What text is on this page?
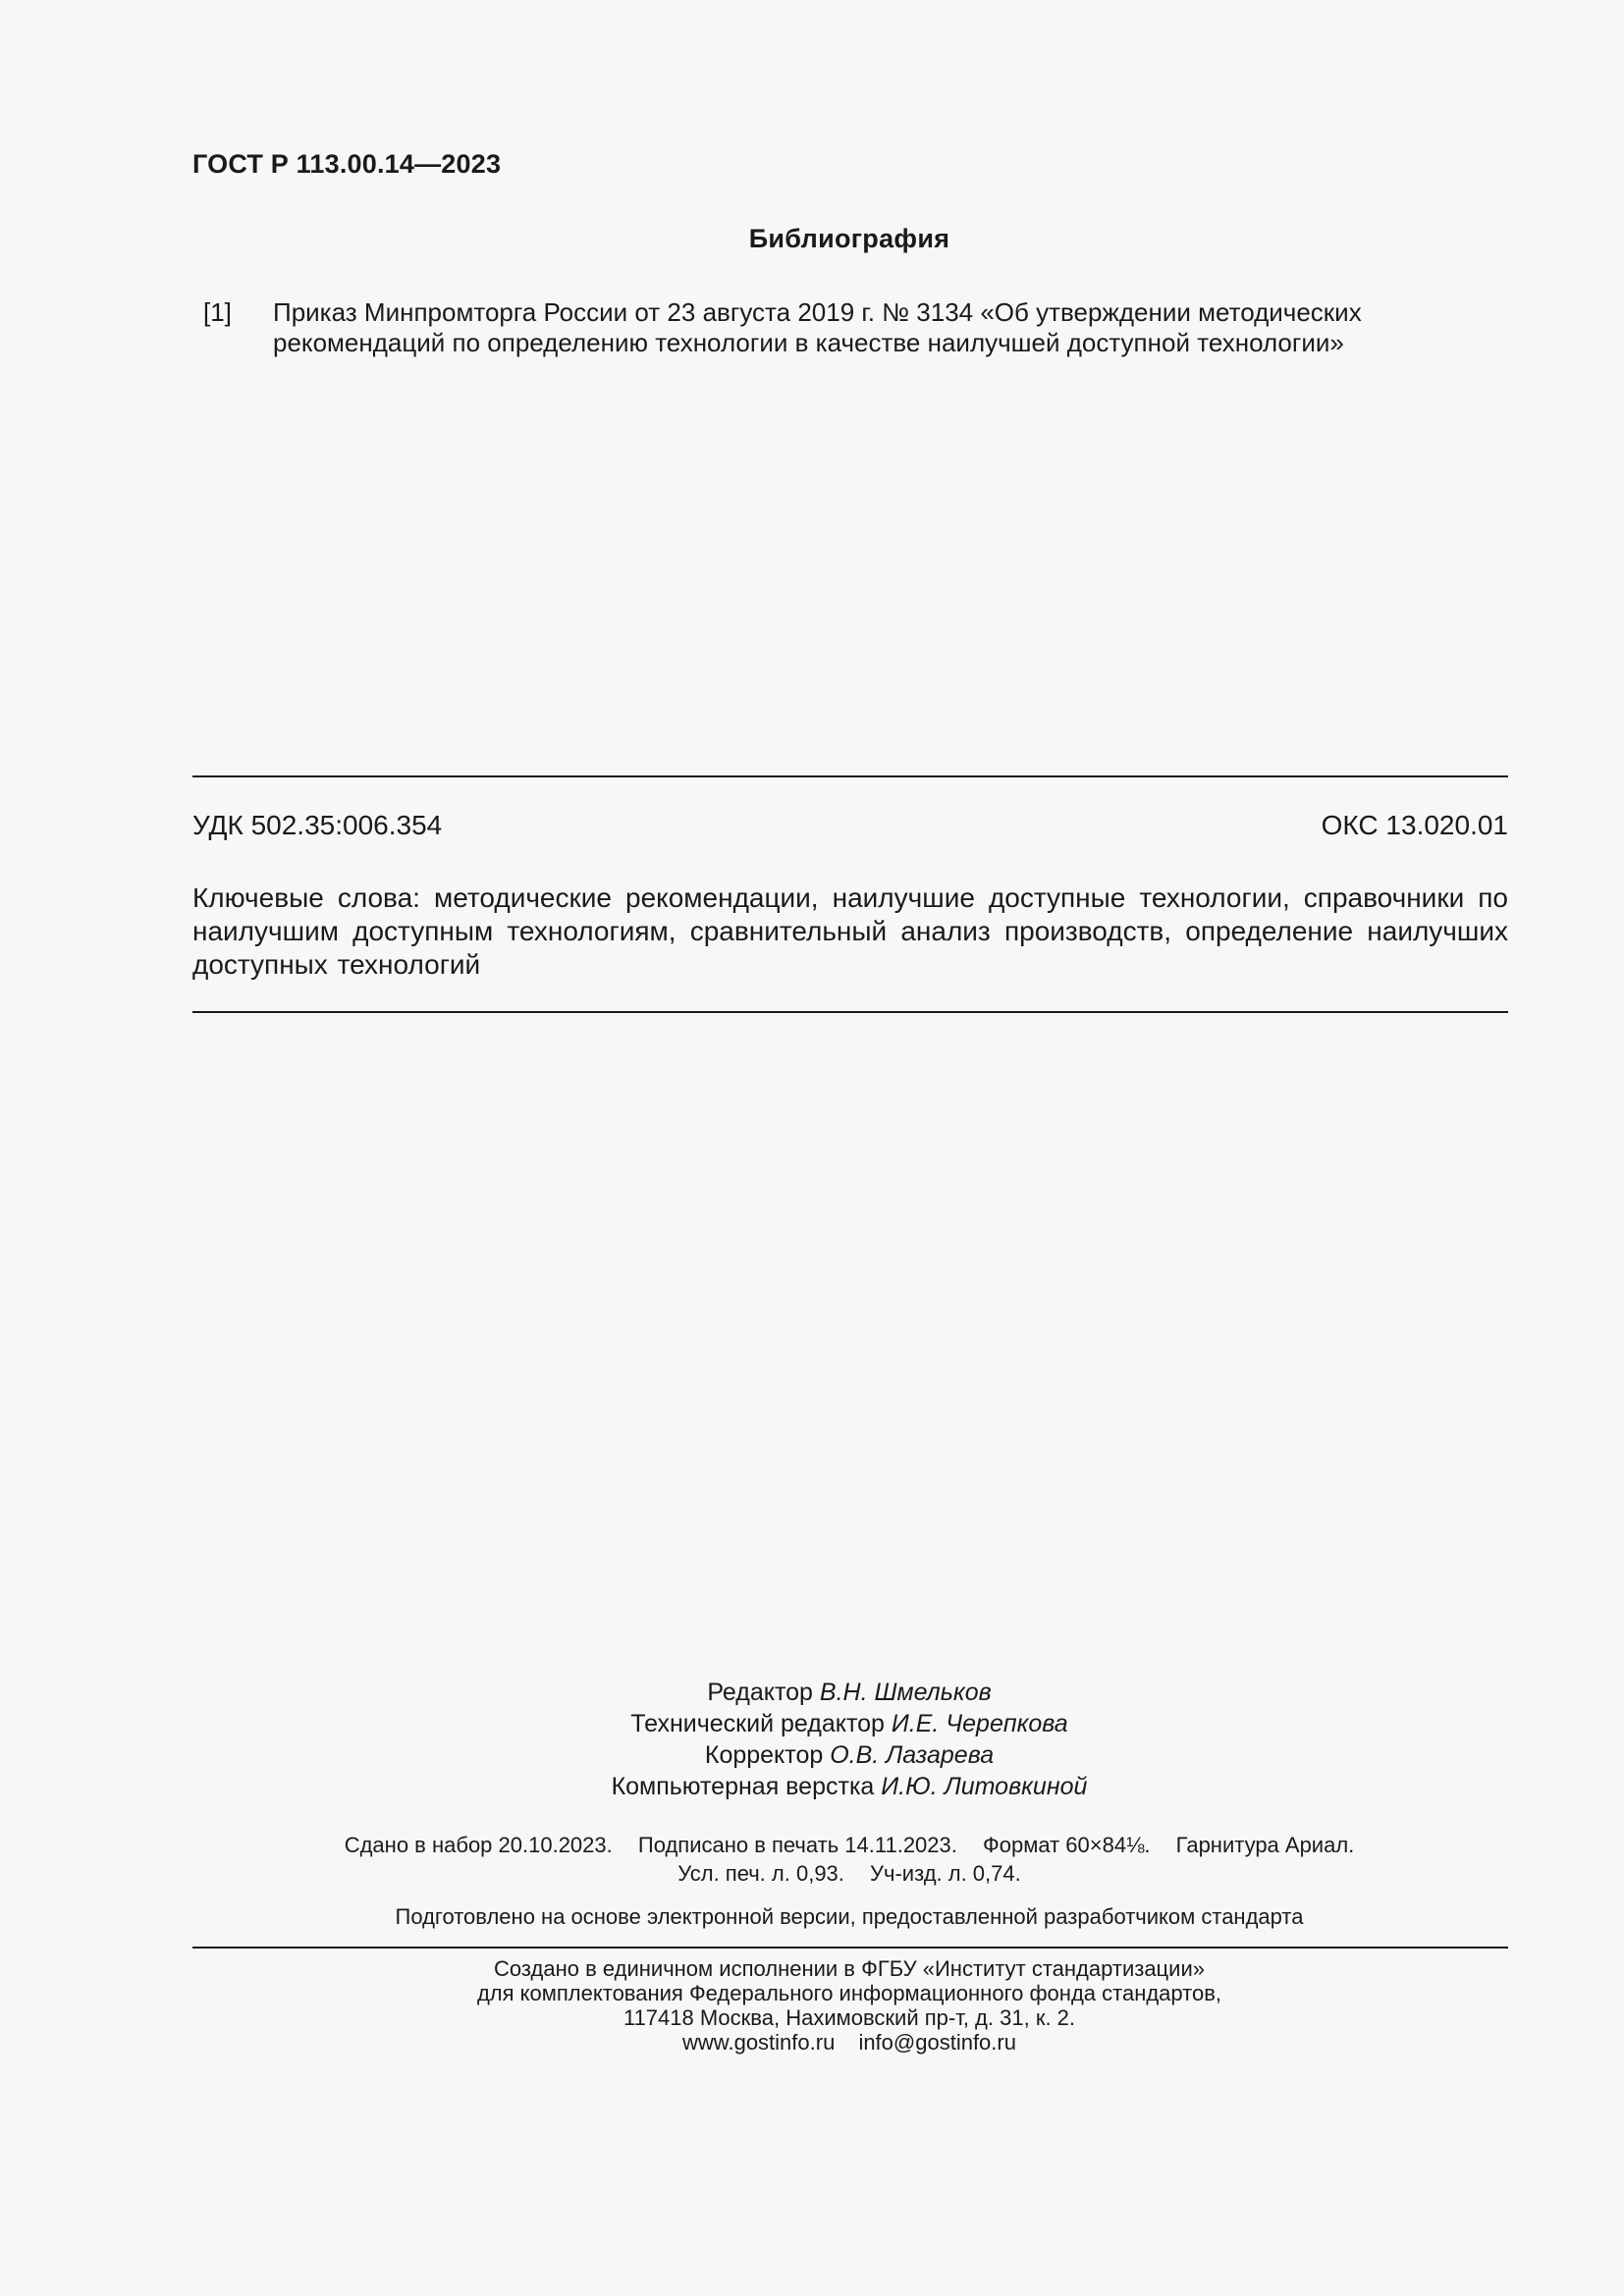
ГОСТ Р 113.00.14—2023
Библиография
[1] Приказ Минпромторга России от 23 августа 2019 г. № 3134 «Об утверждении методических рекомендаций по определению технологии в качестве наилучшей доступной технологии»
УДК 502.35:006.354	ОКС 13.020.01
Ключевые слова: методические рекомендации, наилучшие доступные технологии, справочники по наилучшим доступным технологиям, сравнительный анализ производств, определение наилучших доступных технологий
Редактор В.Н. Шмельков
Технический редактор И.Е. Черепкова
Корректор О.В. Лазарева
Компьютерная верстка И.Ю. Литовкиной
Сдано в набор 20.10.2023. Подписано в печать 14.11.2023. Формат 60×84⅛. Гарнитура Ариал.
Усл. печ. л. 0,93. Уч-изд. л. 0,74.
Подготовлено на основе электронной версии, предоставленной разработчиком стандарта
Создано в единичном исполнении в ФГБУ «Институт стандартизации»
для комплектования Федерального информационного фонда стандартов,
117418 Москва, Нахимовский пр-т, д. 31, к. 2.
www.gostinfo.ru info@gostinfo.ru
